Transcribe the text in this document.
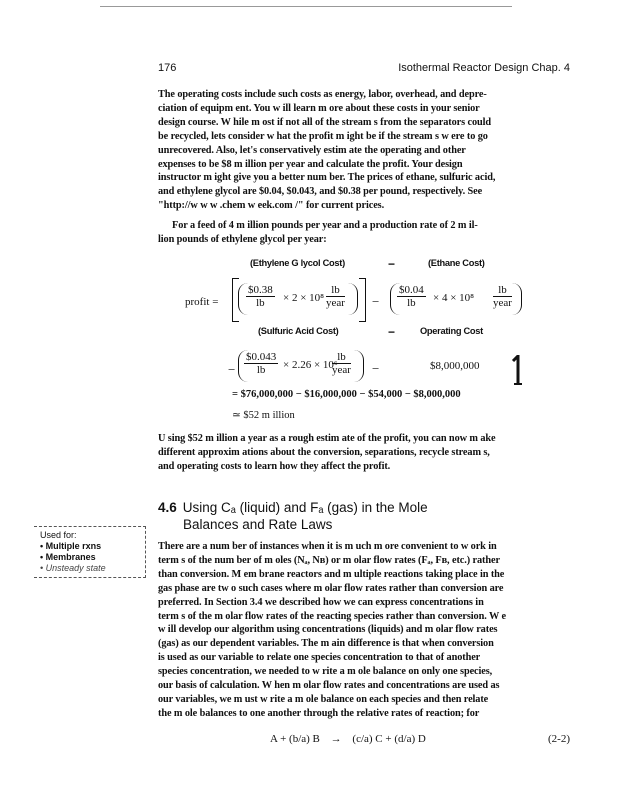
176	Isothermal Reactor Design Chap. 4
The operating costs include such costs as energy, labor, overhead, and depre-
ciation of equipm ent. You w ill learn m ore about these costs in your senior
design course. W hile m ost if not all of the stream s from the separators could
be recycled, lets consider w hat the profit m ight be if the stream s w ere to go
unrecovered. Also, let's conservatively estim ate the operating and other
expenses to be $8 m illion per year and calculate the profit. Your design
instructor m ight give you a better num ber. The prices of ethane, sulfuric acid,
and ethylene glycol are $0.04, $0.043, and $0.38 per pound, respectively. See
"http://w w w .chem w eek.com /" for current prices.
For a feed of 4 m illion pounds per year and a production rate of 2 m il-
lion pounds of ethylene glycol per year:
(Ethylene G lycol Cost)	−	(Ethane Cost)
profit =	$\frac{\$0.38}{lb} \times 2 \times 10^8$
lb
year − $\frac{\$0.04}{lb} \times 4 \times 10^8$
lb
year
(Sulfuric Acid Cost)	−	Operating Cost
− $\frac{\$0.043}{lb} \times 2.26 \times 10^6$
lb
year −	$8,000,000
= $76,000,000 − $16,000,000 − $54,000 − $8,000,000
≃ $52 m illion
U sing $52 m illion a year as a rough estim ate of the profit, you can now m ake
different approxim ations about the conversion, separations, recycle stream s,
and operating costs to learn how they affect the profit.
4.6 Using Cₐ (liquid) and Fₐ (gas) in the Mole
Balances and Rate Laws
Used for:
• Multiple rxns
• Membranes
• Unsteady state
There are a num ber of instances when it is m uch m ore convenient to w ork in
term s of the num ber of m oles (Nₐ, Nʙ) or m olar flow rates (Fₐ, Fʙ, etc.) rather
than conversion. M em brane reactors and m ultiple reactions taking place in the
gas phase are tw o such cases where m olar flow rates rather than conversion are
preferred. In Section 3.4 we described how we can express concentrations in
term s of the m olar flow rates of the reacting species rather than conversion. W e
w ill develop our algorithm using concentrations (liquids) and m olar flow rates
(gas) as our dependent variables. The m ain difference is that when conversion
is used as our variable to relate one species concentration to that of another
species concentration, we needed to w rite a m ole balance on only one species,
our basis of calculation. W hen m olar flow rates and concentrations are used as
our variables, we m ust w rite a m ole balance on each species and then relate
the m ole balances to one another through the relative rates of reaction; for
A + (b/a) B → (c/a) C + (d/a) D	(2-2)
